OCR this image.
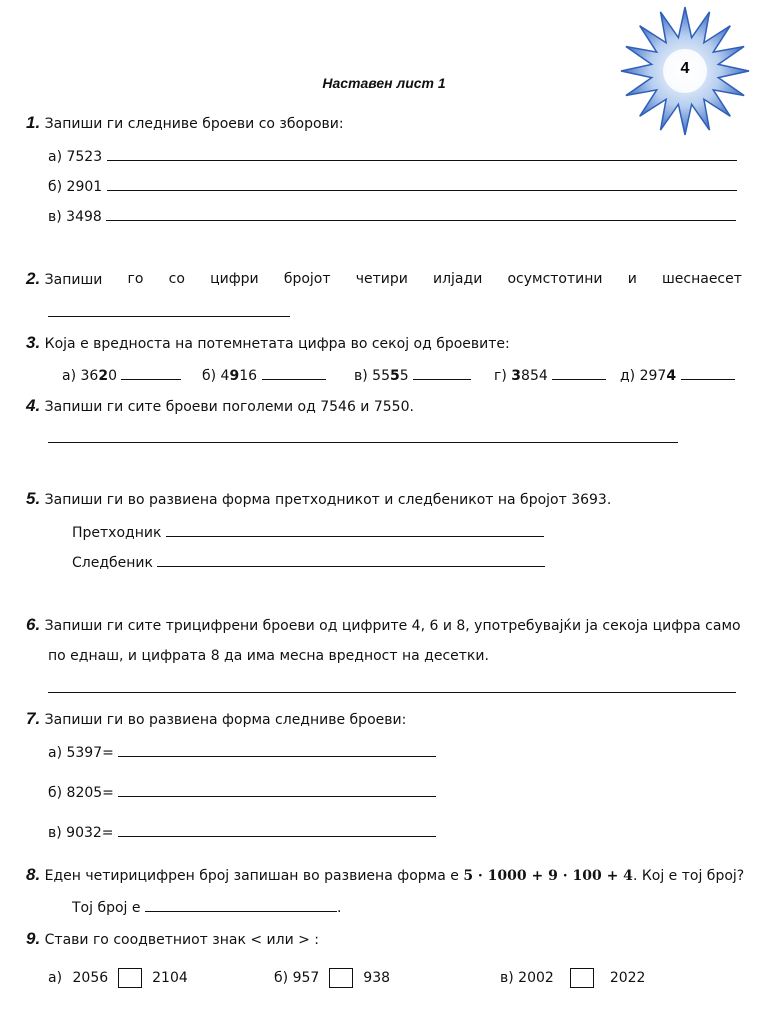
4
Наставен лист 1
1. Запиши ги следниве броеви со зборови:
а) 7523
б) 2901
в) 3498
2. Запиши го со цифри бројот четири илјади осумстотини и шеснаесет
3. Која е вредноста на потемнетата цифра во секој од броевите:
а) 3620	б) 4916	в) 5555	г) 3854	д) 2974
4. Запиши ги сите броеви поголеми од 7546 и 7550.
5. Запиши ги во развиена форма претходникот и следбеникот на бројот 3693.
Претходник
Следбеник
6. Запиши ги сите трицифрени броеви од цифрите 4, 6 и 8, употребувајќи ја секоја цифра само
по еднаш, и цифрата 8 да има месна вредност на десетки.
7. Запиши ги во развиена форма следниве броеви:
а) 5397=
б) 8205=
в) 9032=
8. Еден четирицифрен број запишан во развиена форма е 5 · 1000 + 9 · 100 + 4. Кој е тој број?
Тој број е	.
9. Стави го соодветниот знак < или > :
а) 2056	2104	б) 957	938	в) 2002	2022
